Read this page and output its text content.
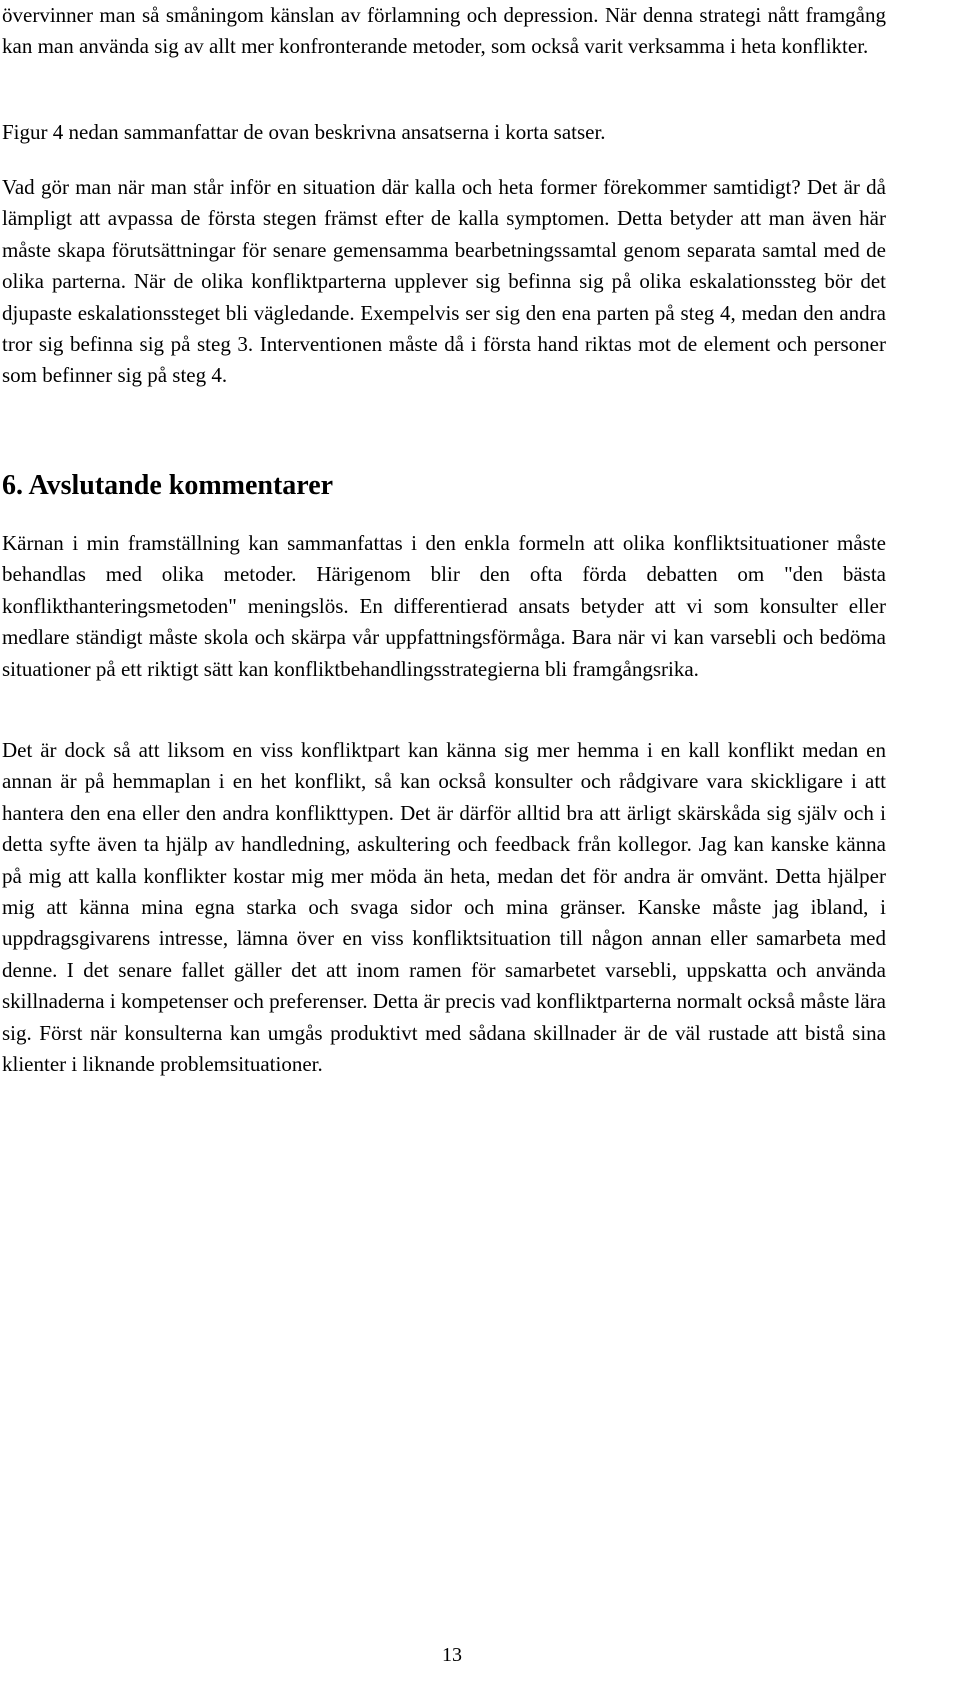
övervinner man så småningom känslan av förlamning och depression. När denna strategi nått framgång kan man använda sig av allt mer konfronterande metoder, som också varit verksamma i heta konflikter.

Figur 4 nedan sammanfattar de ovan beskrivna ansatserna i korta satser.

Vad gör man när man står inför en situation där kalla och heta former förekommer samtidigt? Det är då lämpligt att avpassa de första stegen främst efter de kalla symptomen. Detta betyder att man även här måste skapa förutsättningar för senare gemensamma bearbetningssamtal genom separata samtal med de olika parterna. När de olika konfliktparterna upplever sig befinna sig på olika eskalationssteg bör det djupaste eskalationssteget bli vägledande. Exempelvis ser sig den ena parten på steg 4, medan den andra tror sig befinna sig på steg 3. Interventionen måste då i första hand riktas mot de element och personer som befinner sig på steg 4.

6. Avslutande kommentarer

Kärnan i min framställning kan sammanfattas i den enkla formeln att olika konfliktsituationer måste behandlas med olika metoder. Härigenom blir den ofta förda debatten om "den bästa konflikthanteringsmetoden" meningslös. En differentierad ansats betyder att vi som konsulter eller medlare ständigt måste skola och skärpa vår uppfattningsförmåga. Bara när vi kan varsebli och bedöma situationer på ett riktigt sätt kan konfliktbehandlingsstrategierna bli framgångsrika.

Det är dock så att liksom en viss konfliktpart kan känna sig mer hemma i en kall konflikt medan en annan är på hemmaplan i en het konflikt, så kan också konsulter och rådgivare vara skickligare i att hantera den ena eller den andra konflikttypen. Det är därför alltid bra att ärligt skärskåda sig själv och i detta syfte även ta hjälp av handledning, askultering och feedback från kollegor. Jag kan kanske känna på mig att kalla konflikter kostar mig mer möda än heta, medan det för andra är omvänt. Detta hjälper mig att känna mina egna starka och svaga sidor och mina gränser. Kanske måste jag ibland, i uppdragsgivarens intresse, lämna över en viss konfliktsituation till någon annan eller samarbeta med denne. I det senare fallet gäller det att inom ramen för samarbetet varsebli, uppskatta och använda skillnaderna i kompetenser och preferenser. Detta är precis vad konfliktparterna normalt också måste lära sig. Först när konsulterna kan umgås produktivt med sådana skillnader är de väl rustade att bistå sina klienter i liknande problemsituationer.

13
